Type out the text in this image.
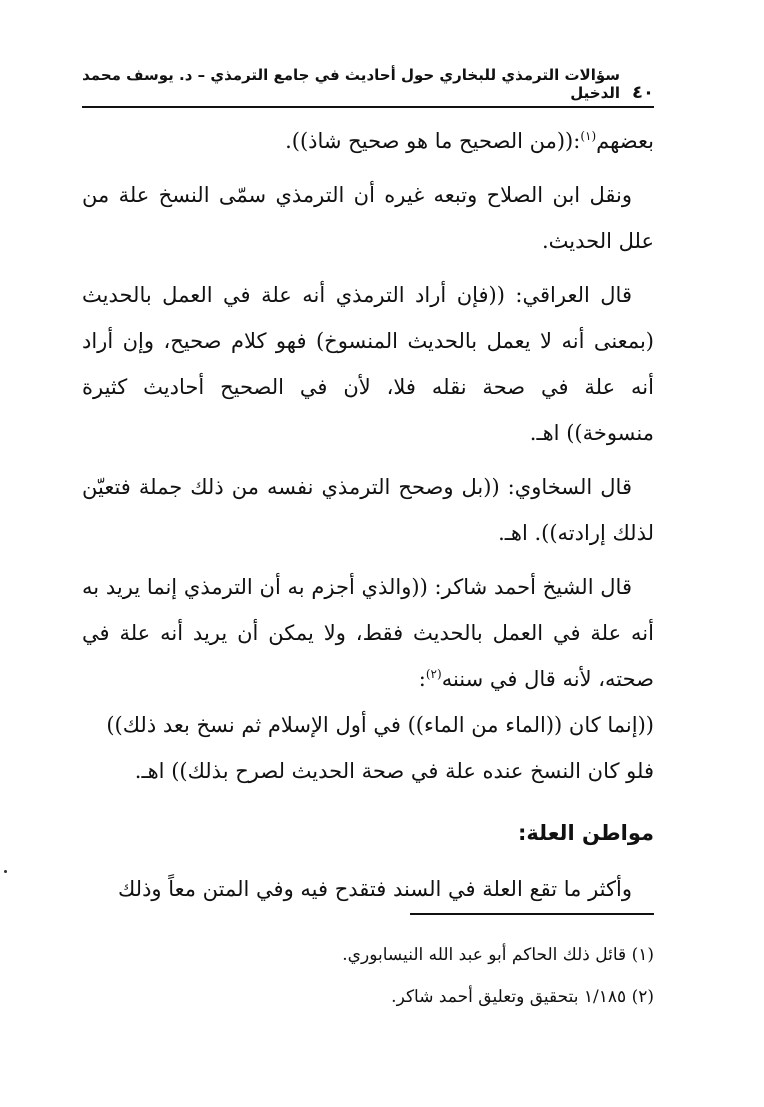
٤٠
سؤالات الترمذي للبخاري حول أحاديث في جامع الترمذي – د. يوسف محمد الدخيل

بعضهم$^{(١)}$:((من الصحيح ما هو صحيح شاذ)).

ونقل ابن الصلاح وتبعه غيره أن الترمذي سمّى النسخ علة من علل الحديث.

قال العراقي: ((فإن أراد الترمذي أنه علة في العمل بالحديث (بمعنى أنه لا يعمل بالحديث المنسوخ) فهو كلام صحيح، وإن أراد أنه علة في صحة نقله فلا، لأن في الصحيح أحاديث كثيرة منسوخة)) اهـ.

قال السخاوي: ((بل وصحح الترمذي نفسه من ذلك جملة فتعيّن لذلك إرادته)). اهـ.

قال الشيخ أحمد شاكر: ((والذي أجزم به أن الترمذي إنما يريد به أنه علة في العمل بالحديث فقط، ولا يمكن أن يريد أنه علة في صحته، لأنه قال في سننه$^{(٢)}$:

((إنما كان ((الماء من الماء)) في أول الإسلام ثم نسخ بعد ذلك))

فلو كان النسخ عنده علة في صحة الحديث لصرح بذلك)) اهـ.

مواطن العلة:

وأكثر ما تقع العلة في السند فتقدح فيه وفي المتن معاً وذلك

(١) قائل ذلك الحاكم أبو عبد الله النيسابوري.

(٢) ١/١٨٥ بتحقيق وتعليق أحمد شاكر.
